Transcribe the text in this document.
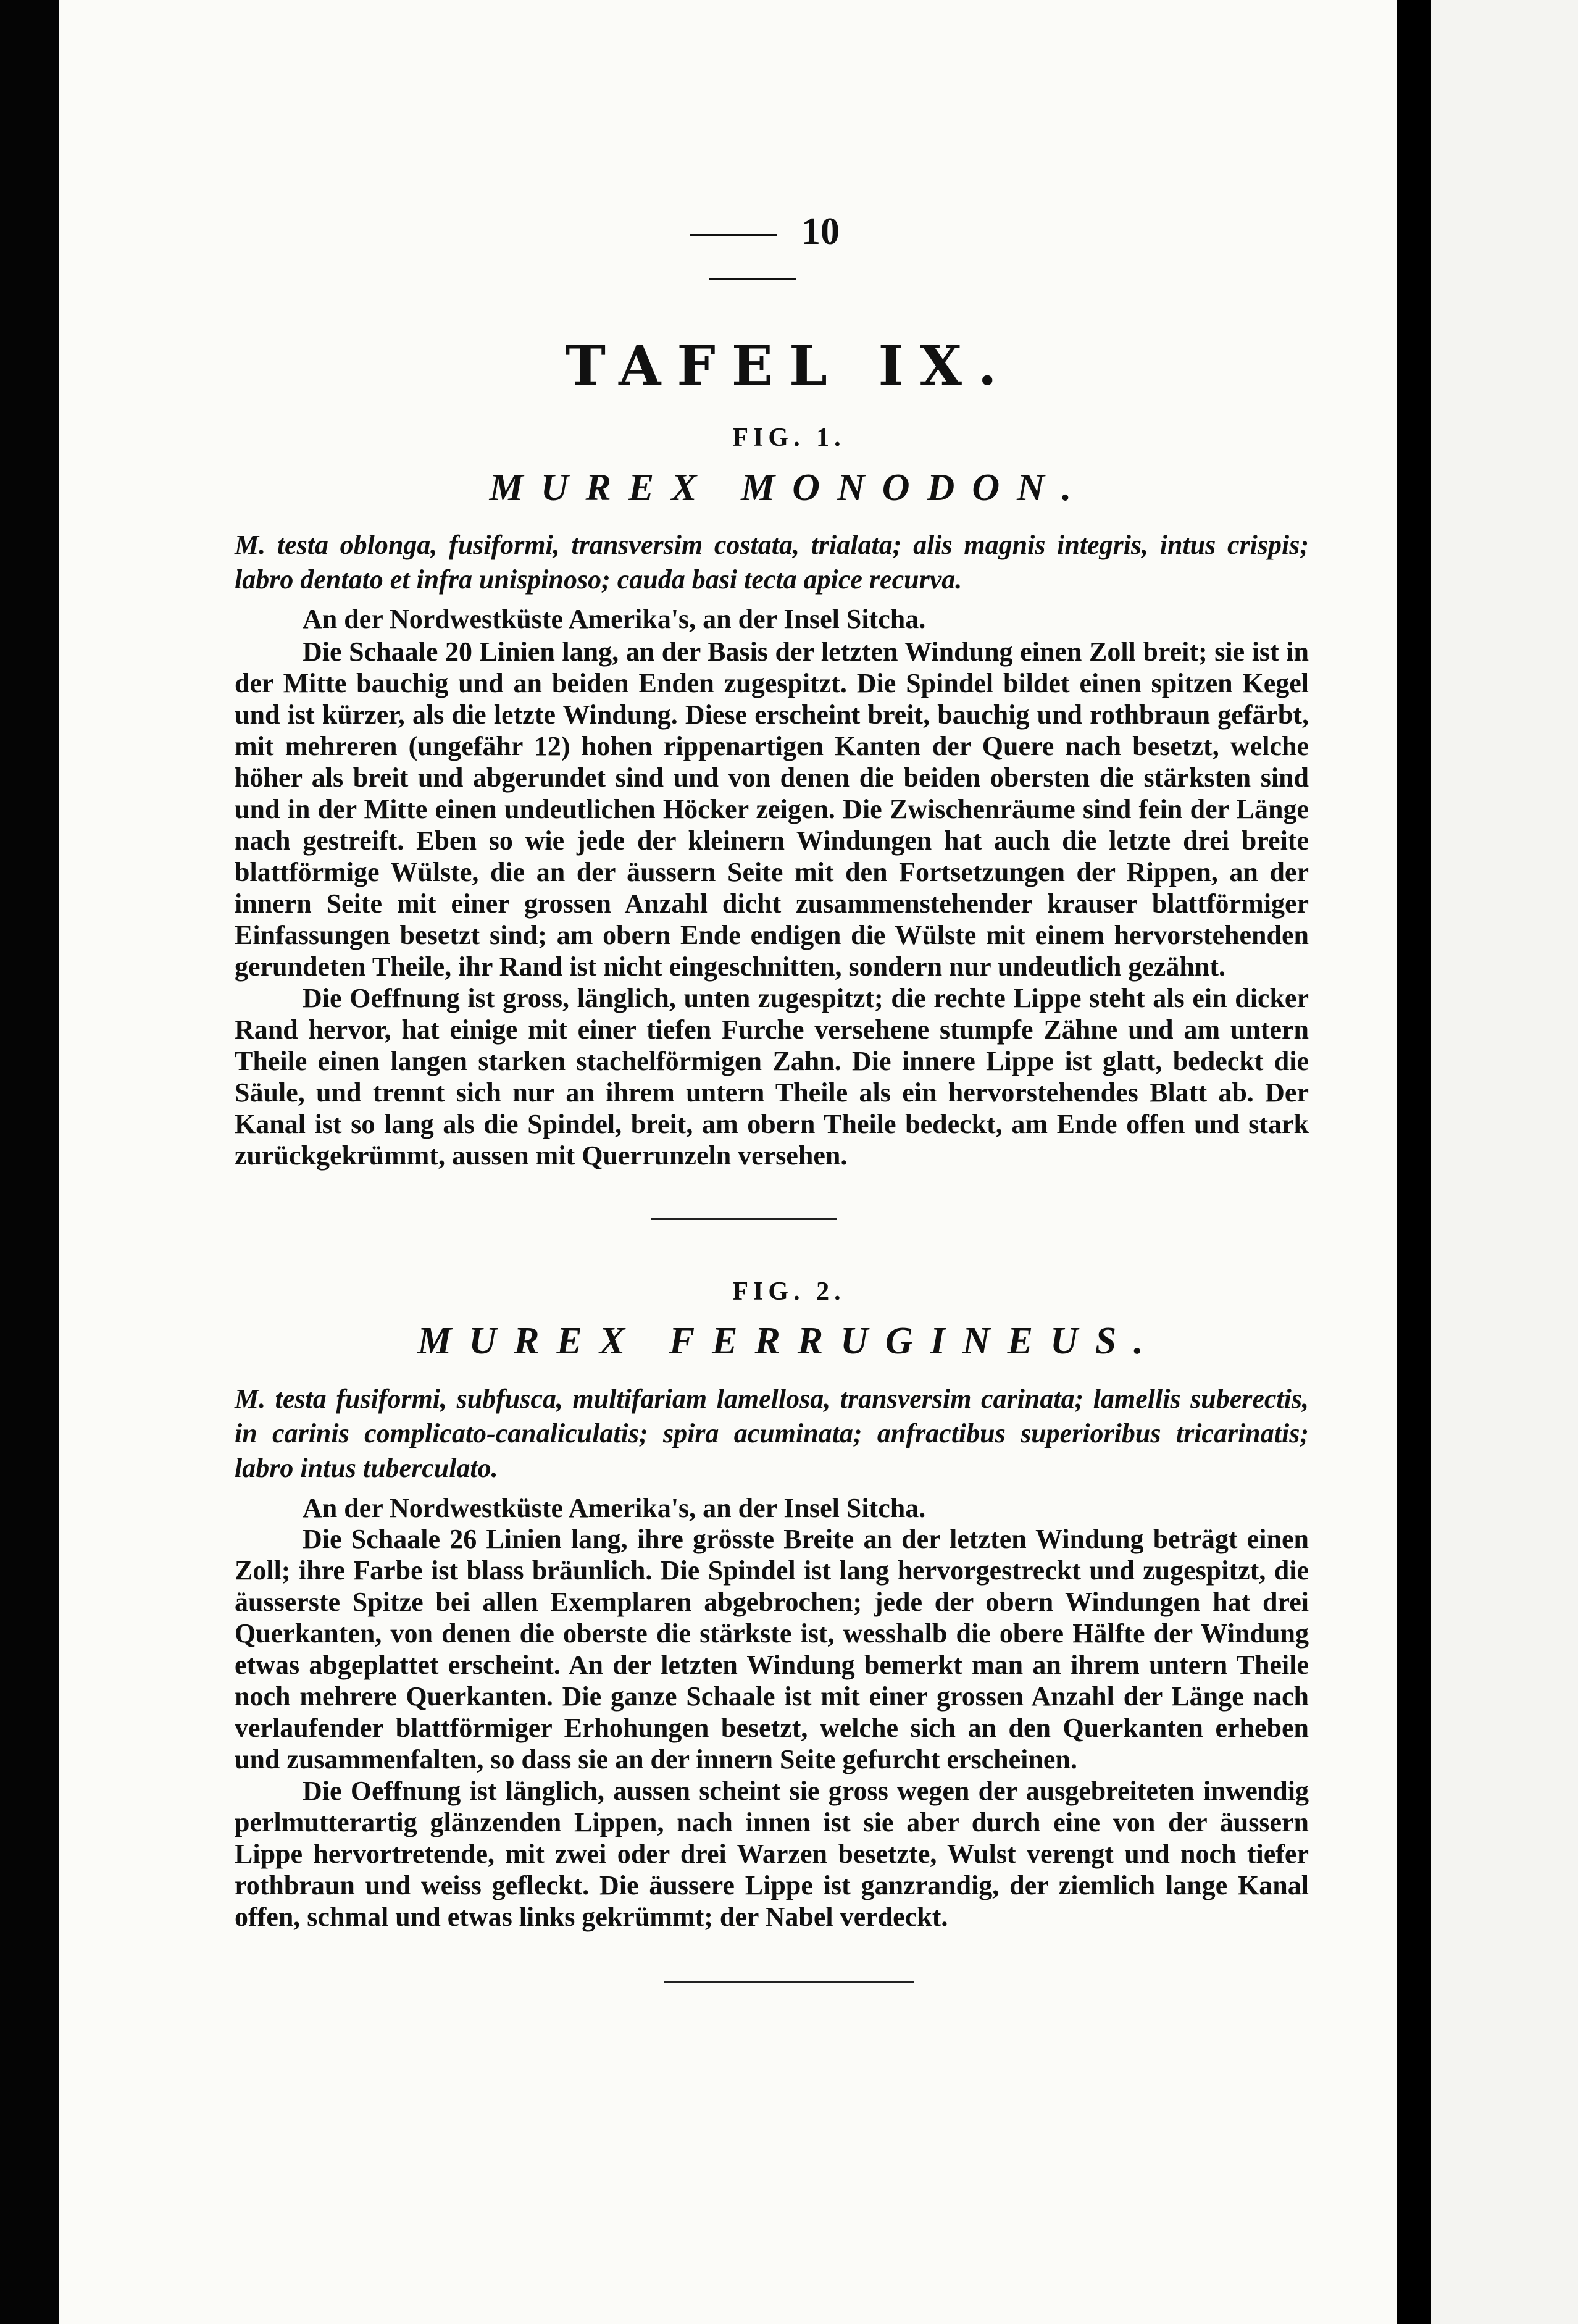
10
TAFEL IX.
FIG. 1.
MUREX MONODON.
M. testa oblonga, fusiformi, transversim costata, trialata; alis magnis integris, intus crispis; labro dentato et infra unispinoso; cauda basi tecta apice recurva.
An der Nordwestküste Amerika's, an der Insel Sitcha.
Die Schaale 20 Linien lang, an der Basis der letzten Windung einen Zoll breit; sie ist in der Mitte bauchig und an beiden Enden zugespitzt. Die Spindel bildet einen spitzen Kegel und ist kürzer, als die letzte Windung. Diese erscheint breit, bauchig und rothbraun gefärbt, mit mehreren (ungefähr 12) hohen rippenartigen Kanten der Quere nach besetzt, welche höher als breit und abgerundet sind und von denen die beiden obersten die stärksten sind und in der Mitte einen undeutlichen Höcker zeigen. Die Zwischenräume sind fein der Länge nach gestreift. Eben so wie jede der kleinern Windungen hat auch die letzte drei breite blattförmige Wülste, die an der äussern Seite mit den Fortsetzungen der Rippen, an der innern Seite mit einer grossen Anzahl dicht zusammenstehender krauser blattförmiger Einfassungen besetzt sind; am obern Ende endigen die Wülste mit einem hervorstehenden gerundeten Theile, ihr Rand ist nicht eingeschnitten, sondern nur undeutlich gezähnt.
Die Oeffnung ist gross, länglich, unten zugespitzt; die rechte Lippe steht als ein dicker Rand hervor, hat einige mit einer tiefen Furche versehene stumpfe Zähne und am untern Theile einen langen starken stachelförmigen Zahn. Die innere Lippe ist glatt, bedeckt die Säule, und trennt sich nur an ihrem untern Theile als ein hervorstehendes Blatt ab. Der Kanal ist so lang als die Spindel, breit, am obern Theile bedeckt, am Ende offen und stark zurückgekrümmt, aussen mit Querrunzeln versehen.
FIG. 2.
MUREX FERRUGINEUS.
M. testa fusiformi, subfusca, multifariam lamellosa, transversim carinata; lamellis suberectis, in carinis complicato-canaliculatis; spira acuminata; anfractibus superioribus tricarinatis; labro intus tuberculato.
An der Nordwestküste Amerika's, an der Insel Sitcha.
Die Schaale 26 Linien lang, ihre grösste Breite an der letzten Windung beträgt einen Zoll; ihre Farbe ist blass bräunlich. Die Spindel ist lang hervorgestreckt und zugespitzt, die äusserste Spitze bei allen Exemplaren abgebrochen; jede der obern Windungen hat drei Querkanten, von denen die oberste die stärkste ist, wesshalb die obere Hälfte der Windung etwas abgeplattet erscheint. An der letzten Windung bemerkt man an ihrem untern Theile noch mehrere Querkanten. Die ganze Schaale ist mit einer grossen Anzahl der Länge nach verlaufender blattförmiger Erhohungen besetzt, welche sich an den Querkanten erheben und zusammenfalten, so dass sie an der innern Seite gefurcht erscheinen.
Die Oeffnung ist länglich, aussen scheint sie gross wegen der ausgebreiteten inwendig perlmutterartig glänzenden Lippen, nach innen ist sie aber durch eine von der äussern Lippe hervortretende, mit zwei oder drei Warzen besetzte, Wulst verengt und noch tiefer rothbraun und weiss gefleckt. Die äussere Lippe ist ganzrandig, der ziemlich lange Kanal offen, schmal und etwas links gekrümmt; der Nabel verdeckt.
